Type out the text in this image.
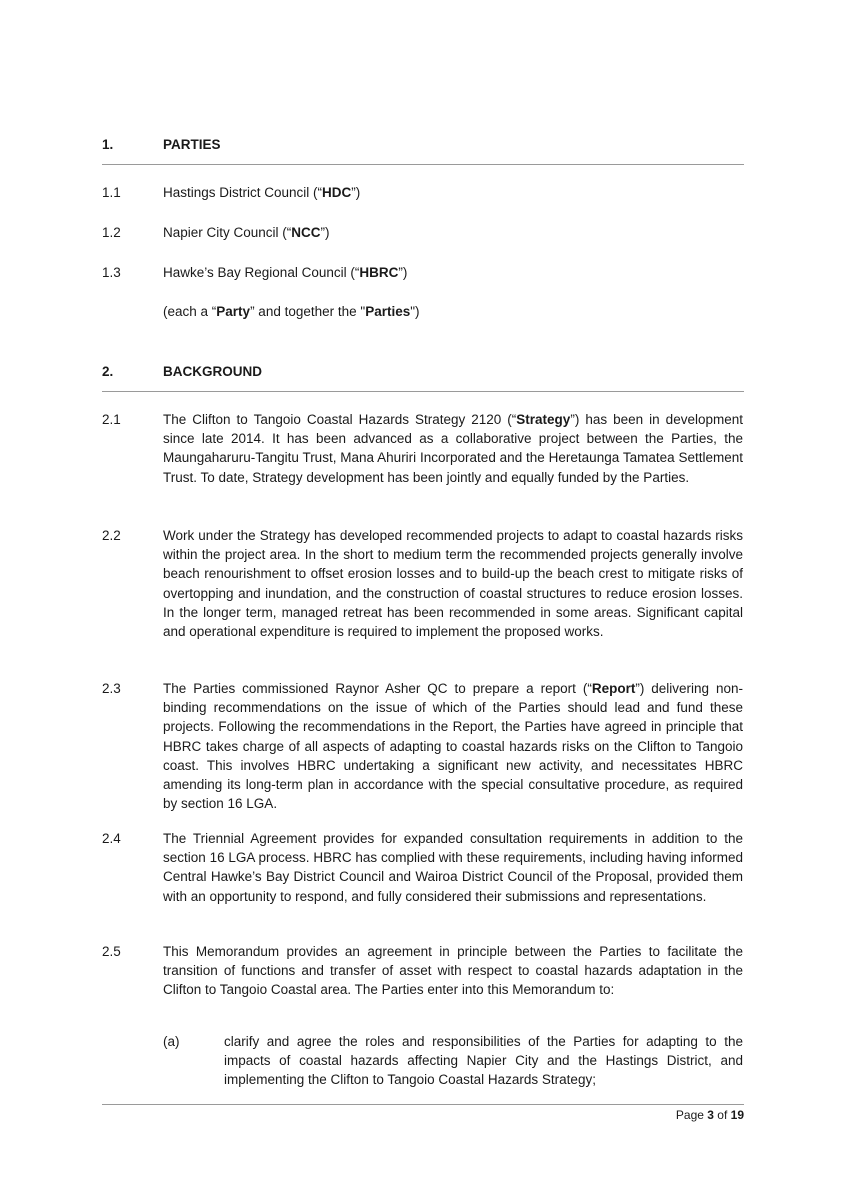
1.	PARTIES
1.1	Hastings District Council (“HDC”)
1.2	Napier City Council (“NCC”)
1.3	Hawke’s Bay Regional Council (“HBRC”)
(each a “Party” and together the "Parties")
2.	BACKGROUND
2.1	The Clifton to Tangoio Coastal Hazards Strategy 2120 (“Strategy”) has been in development since late 2014. It has been advanced as a collaborative project between the Parties, the Maungaharuru-Tangitu Trust, Mana Ahuriri Incorporated and the Heretaunga Tamatea Settlement Trust. To date, Strategy development has been jointly and equally funded by the Parties.
2.2	Work under the Strategy has developed recommended projects to adapt to coastal hazards risks within the project area. In the short to medium term the recommended projects generally involve beach renourishment to offset erosion losses and to build-up the beach crest to mitigate risks of overtopping and inundation, and the construction of coastal structures to reduce erosion losses. In the longer term, managed retreat has been recommended in some areas. Significant capital and operational expenditure is required to implement the proposed works.
2.3	The Parties commissioned Raynor Asher QC to prepare a report (“Report”) delivering non-binding recommendations on the issue of which of the Parties should lead and fund these projects. Following the recommendations in the Report, the Parties have agreed in principle that HBRC takes charge of all aspects of adapting to coastal hazards risks on the Clifton to Tangoio coast. This involves HBRC undertaking a significant new activity, and necessitates HBRC amending its long-term plan in accordance with the special consultative procedure, as required by section 16 LGA.
2.4	The Triennial Agreement provides for expanded consultation requirements in addition to the section 16 LGA process. HBRC has complied with these requirements, including having informed Central Hawke’s Bay District Council and Wairoa District Council of the Proposal, provided them with an opportunity to respond, and fully considered their submissions and representations.
2.5	This Memorandum provides an agreement in principle between the Parties to facilitate the transition of functions and transfer of asset with respect to coastal hazards adaptation in the Clifton to Tangoio Coastal area. The Parties enter into this Memorandum to:
(a)	clarify and agree the roles and responsibilities of the Parties for adapting to the impacts of coastal hazards affecting Napier City and the Hastings District, and implementing the Clifton to Tangoio Coastal Hazards Strategy;
Page 3 of 19
